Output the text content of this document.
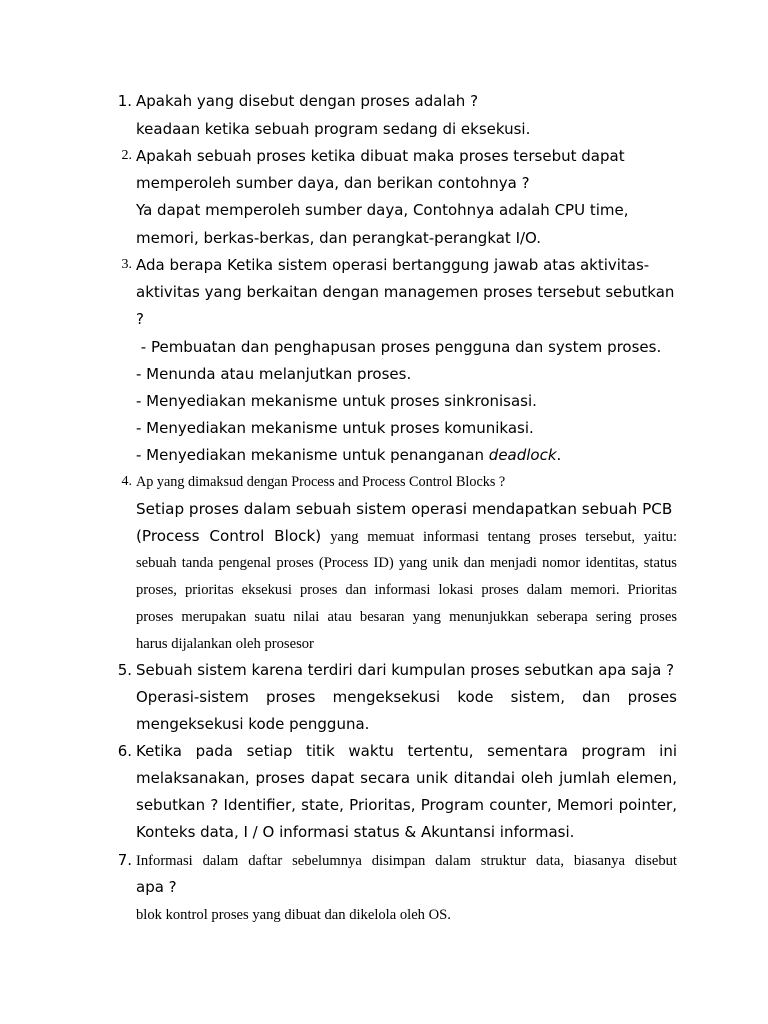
1. Apakah yang disebut dengan proses adalah ?
keadaan ketika sebuah program sedang di eksekusi.
2. Apakah sebuah proses ketika dibuat maka proses tersebut dapat
memperoleh sumber daya, dan berikan contohnya ?
Ya dapat memperoleh sumber daya, Contohnya adalah CPU time,
memori, berkas-berkas, dan perangkat-perangkat I/O.
3. Ada berapa Ketika sistem operasi bertanggung jawab atas aktivitas-
aktivitas yang berkaitan dengan managemen proses tersebut sebutkan
?
- Pembuatan dan penghapusan proses pengguna dan system proses.
- Menunda atau melanjutkan proses.
- Menyediakan mekanisme untuk proses sinkronisasi.
- Menyediakan mekanisme untuk proses komunikasi.
- Menyediakan mekanisme untuk penanganan deadlock.
4. Ap yang dimaksud dengan Process and Process Control Blocks ?
Setiap proses dalam sebuah sistem operasi mendapatkan sebuah PCB
(Process Control Block) yang memuat informasi tentang proses tersebut, yaitu:
sebuah tanda pengenal proses (Process ID) yang unik dan menjadi nomor identitas, status
proses, prioritas eksekusi proses dan informasi lokasi proses dalam memori. Prioritas
proses merupakan suatu nilai atau besaran yang menunjukkan seberapa sering proses
harus dijalankan oleh prosesor
5. Sebuah sistem karena terdiri dari kumpulan proses sebutkan apa saja ?
Operasi-sistem proses mengeksekusi kode sistem, dan proses
mengeksekusi kode pengguna.
6. Ketika pada setiap titik waktu tertentu, sementara program ini
melaksanakan, proses dapat secara unik ditandai oleh jumlah elemen,
sebutkan ? Identifier, state, Prioritas, Program counter, Memori pointer,
Konteks data, I / O informasi status & Akuntansi informasi.
7. Informasi dalam daftar sebelumnya disimpan dalam struktur data, biasanya disebut
apa ?
blok kontrol proses yang dibuat dan dikelola oleh OS.
